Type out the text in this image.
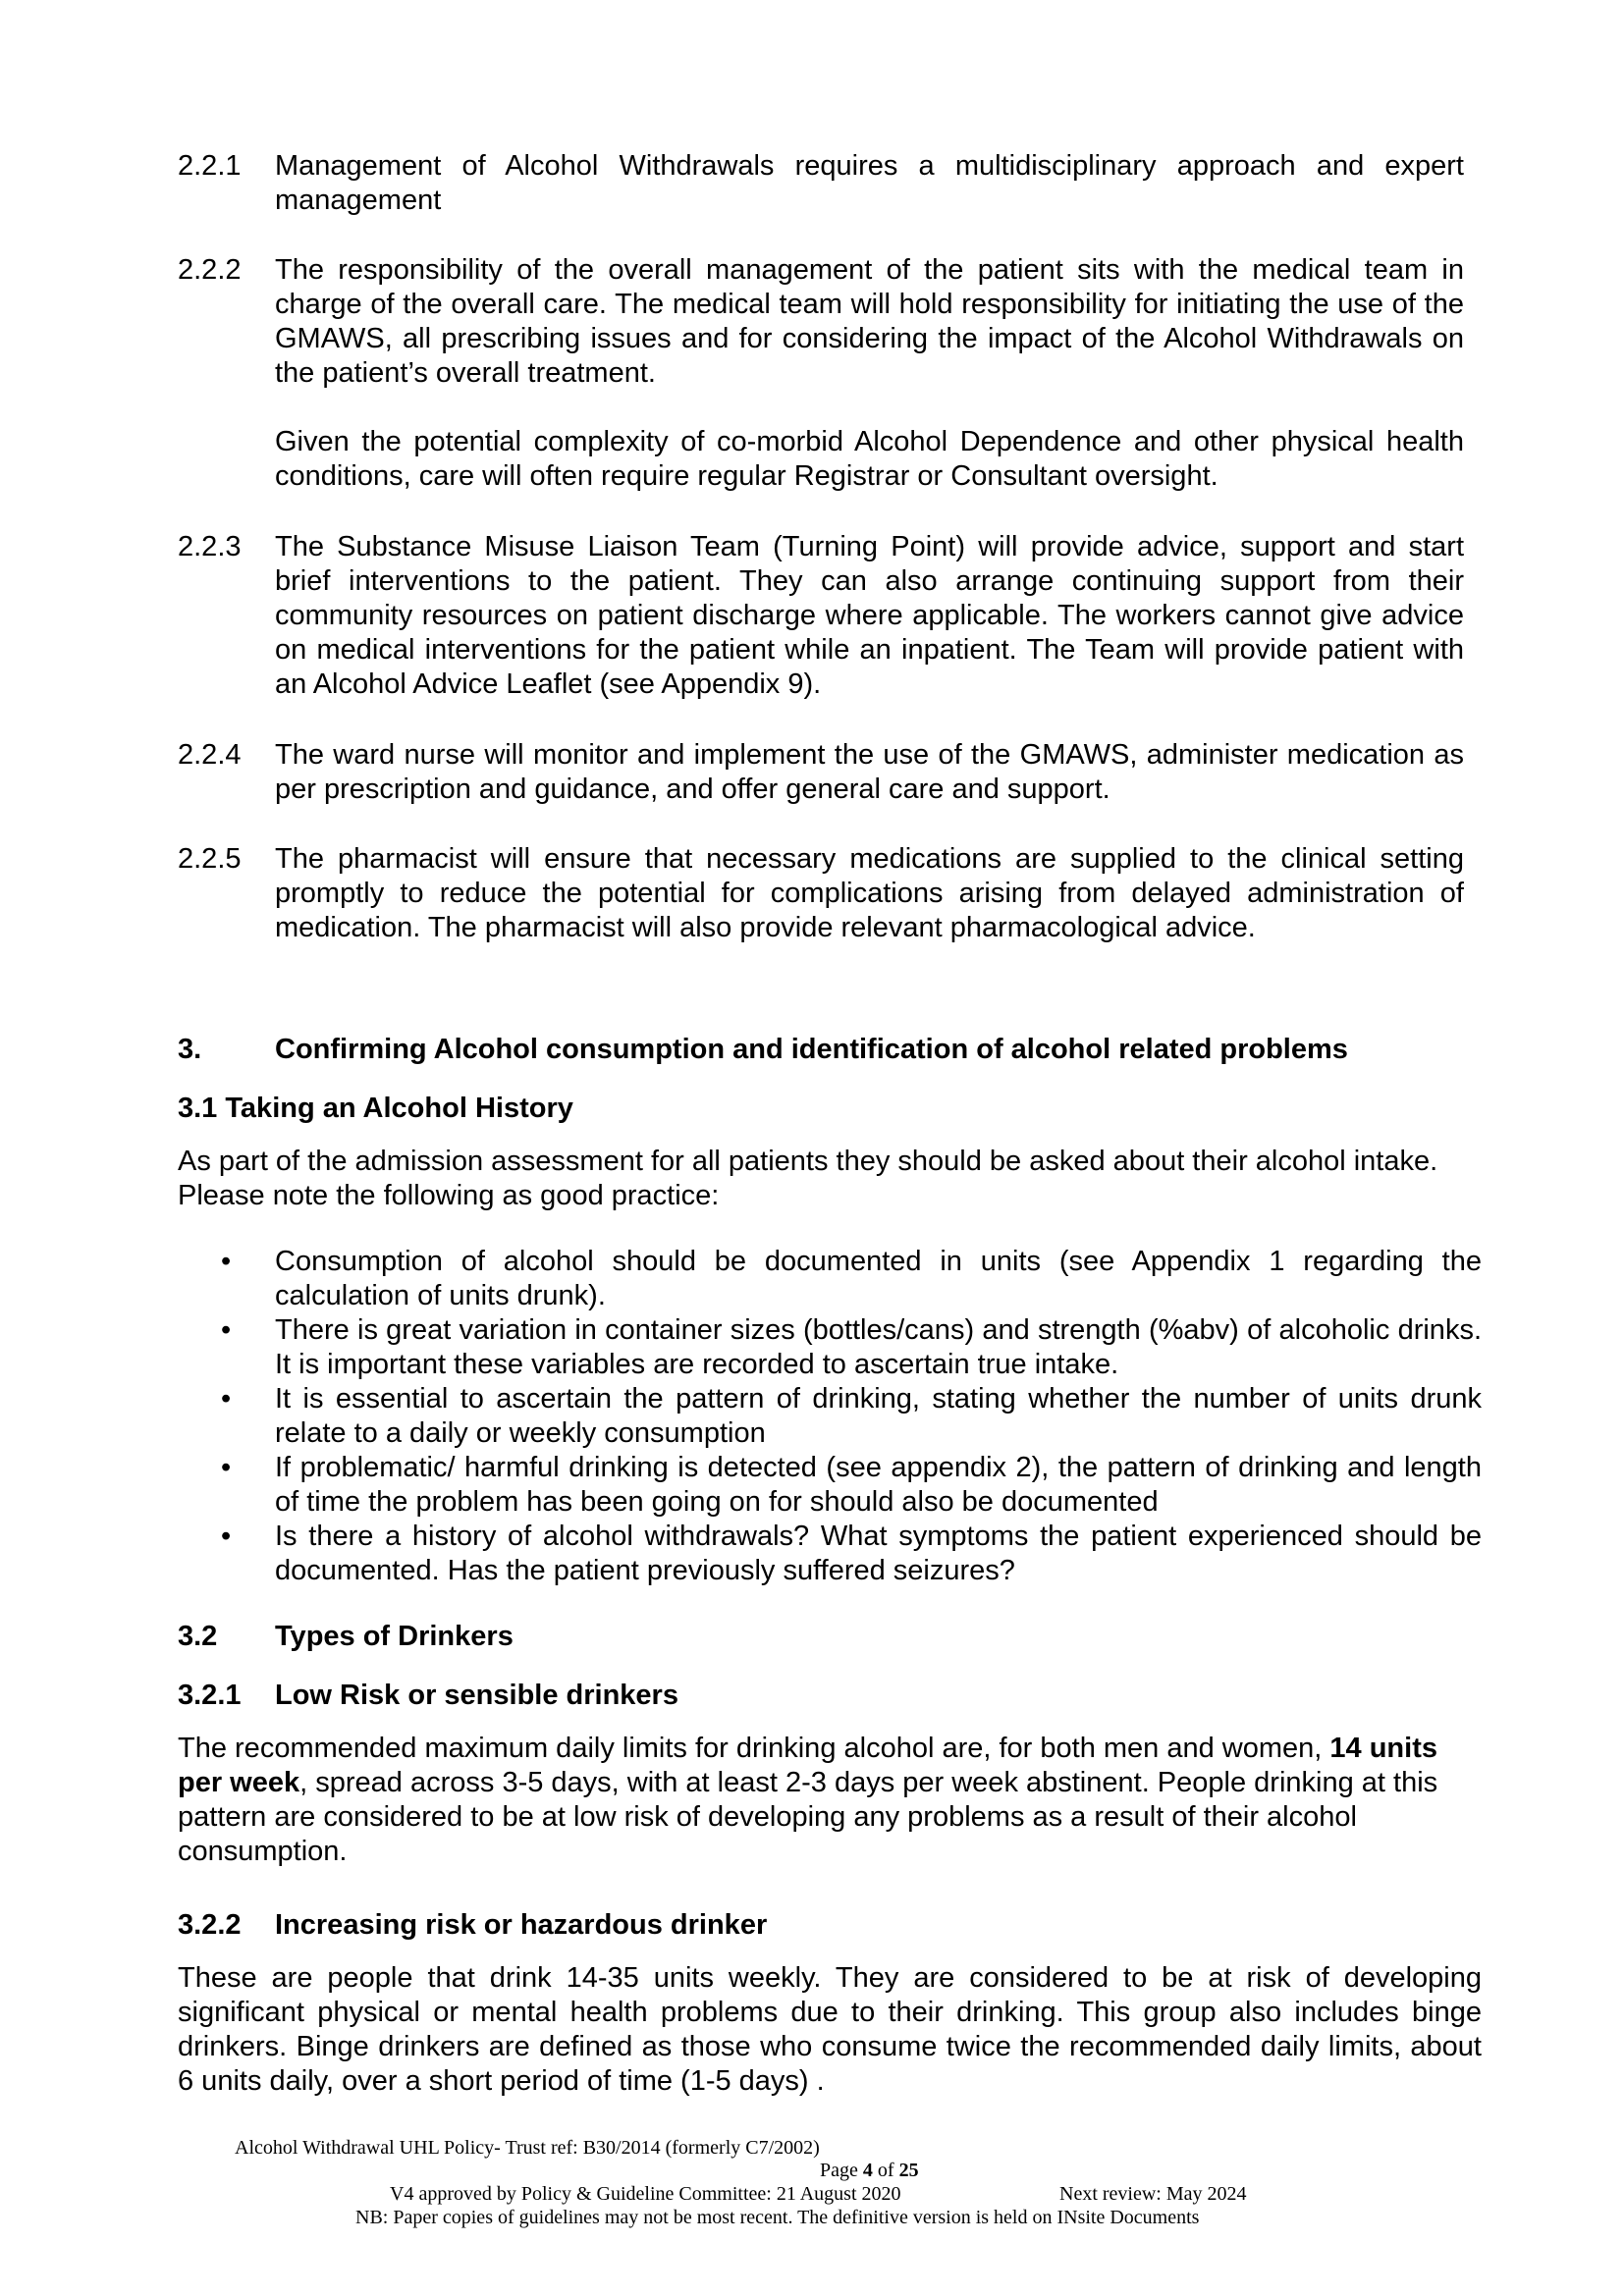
2.2.1	Management of Alcohol Withdrawals requires a multidisciplinary approach and expert management

2.2.2	The responsibility of the overall management of the patient sits with the medical team in charge of the overall care. The medical team will hold responsibility for initiating the use of the GMAWS, all prescribing issues and for considering the impact of the Alcohol Withdrawals on the patient’s overall treatment.

Given the potential complexity of co-morbid Alcohol Dependence and other physical health conditions, care will often require regular Registrar or Consultant oversight.

2.2.3	The Substance Misuse Liaison Team (Turning Point) will provide advice, support and start brief interventions to the patient. They can also arrange continuing support from their community resources on patient discharge where applicable. The workers cannot give advice on medical interventions for the patient while an inpatient. The Team will provide patient with an Alcohol Advice Leaflet (see Appendix 9).

2.2.4	The ward nurse will monitor and implement the use of the GMAWS, administer medication as per prescription and guidance, and offer general care and support.

2.2.5	The pharmacist will ensure that necessary medications are supplied to the clinical setting promptly to reduce the potential for complications arising from delayed administration of medication. The pharmacist will also provide relevant pharmacological advice.

3.	Confirming Alcohol consumption and identification of alcohol related problems
3.1 Taking an Alcohol History

As part of the admission assessment for all patients they should be asked about their alcohol intake. Please note the following as good practice:

• Consumption of alcohol should be documented in units (see Appendix 1 regarding the calculation of units drunk).
• There is great variation in container sizes (bottles/cans) and strength (%abv) of alcoholic drinks. It is important these variables are recorded to ascertain true intake.
• It is essential to ascertain the pattern of drinking, stating whether the number of units drunk relate to a daily or weekly consumption
• If problematic/ harmful drinking is detected (see appendix 2), the pattern of drinking and length of time the problem has been going on for should also be documented
• Is there a history of alcohol withdrawals? What symptoms the patient experienced should be documented. Has the patient previously suffered seizures?
3.2 Types of Drinkers
3.2.1 Low Risk or sensible drinkers

The recommended maximum daily limits for drinking alcohol are, for both men and women, 14 units per week, spread across 3-5 days, with at least 2-3 days per week abstinent. People drinking at this pattern are considered to be at low risk of developing any problems as a result of their alcohol consumption.

3.2.2 Increasing risk or hazardous drinker

These are people that drink 14-35 units weekly. They are considered to be at risk of developing significant physical or mental health problems due to their drinking. This group also includes binge drinkers. Binge drinkers are defined as those who consume twice the recommended daily limits, about 6 units daily, over a short period of time (1-5 days) .

Alcohol Withdrawal UHL Policy- Trust ref: B30/2014 (formerly C7/2002)
Page 4 of 25
V4 approved by Policy & Guideline Committee: 21 August 2020	Next review: May 2024
NB: Paper copies of guidelines may not be most recent. The definitive version is held on INsite Documents
